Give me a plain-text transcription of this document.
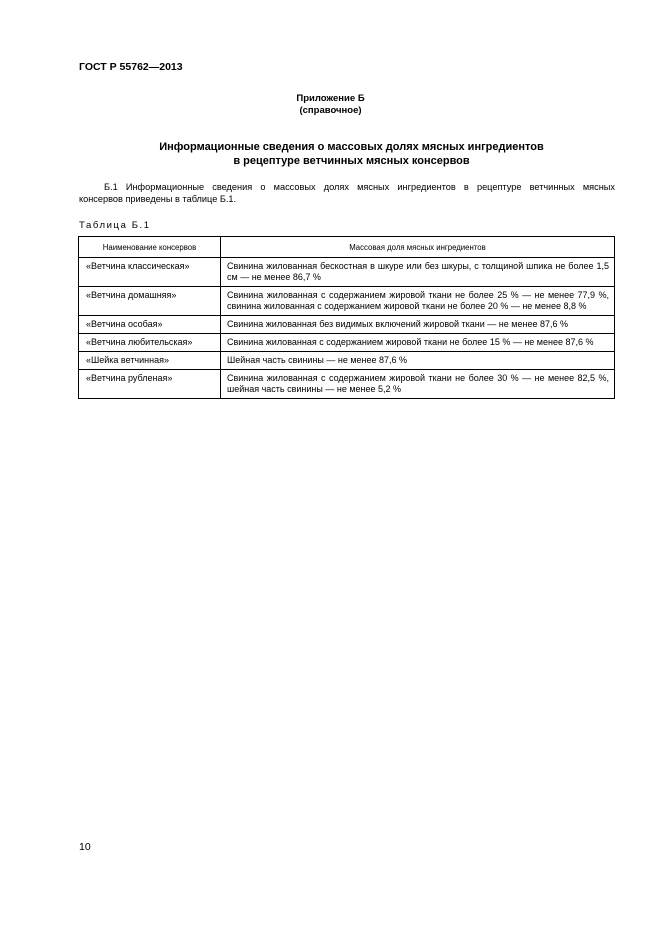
ГОСТ Р 55762—2013
Приложение Б
(справочное)
Информационные сведения о массовых долях мясных ингредиентов
в рецептуре ветчинных мясных консервов
Б.1 Информационные сведения о массовых долях мясных ингредиентов в рецептуре ветчинных мясных
консервов приведены в таблице Б.1.
Таблица Б.1
Наименование консервов	Массовая доля мясных ингредиентов
«Ветчина классическая»	Свинина жилованная бескостная в шкуре или без шкуры, с толщиной шпика не более 1,5 см — не менее 86,7 %
«Ветчина домашняя»	Свинина жилованная с содержанием жировой ткани не более 25 % — не менее 77,9 %, свинина жилованная с содержанием жировой ткани не более 20 % — не менее 8,8 %
«Ветчина особая»	Свинина жилованная без видимых включений жировой ткани — не менее 87,6 %
«Ветчина любительская»	Свинина жилованная с содержанием жировой ткани не более 15 % — не менее 87,6 %
«Шейка ветчинная»	Шейная часть свинины — не менее 87,6 %
«Ветчина рубленая»	Свинина жилованная с содержанием жировой ткани не более 30 % — не менее 82,5 %, шейная часть свинины — не менее 5,2 %
10
